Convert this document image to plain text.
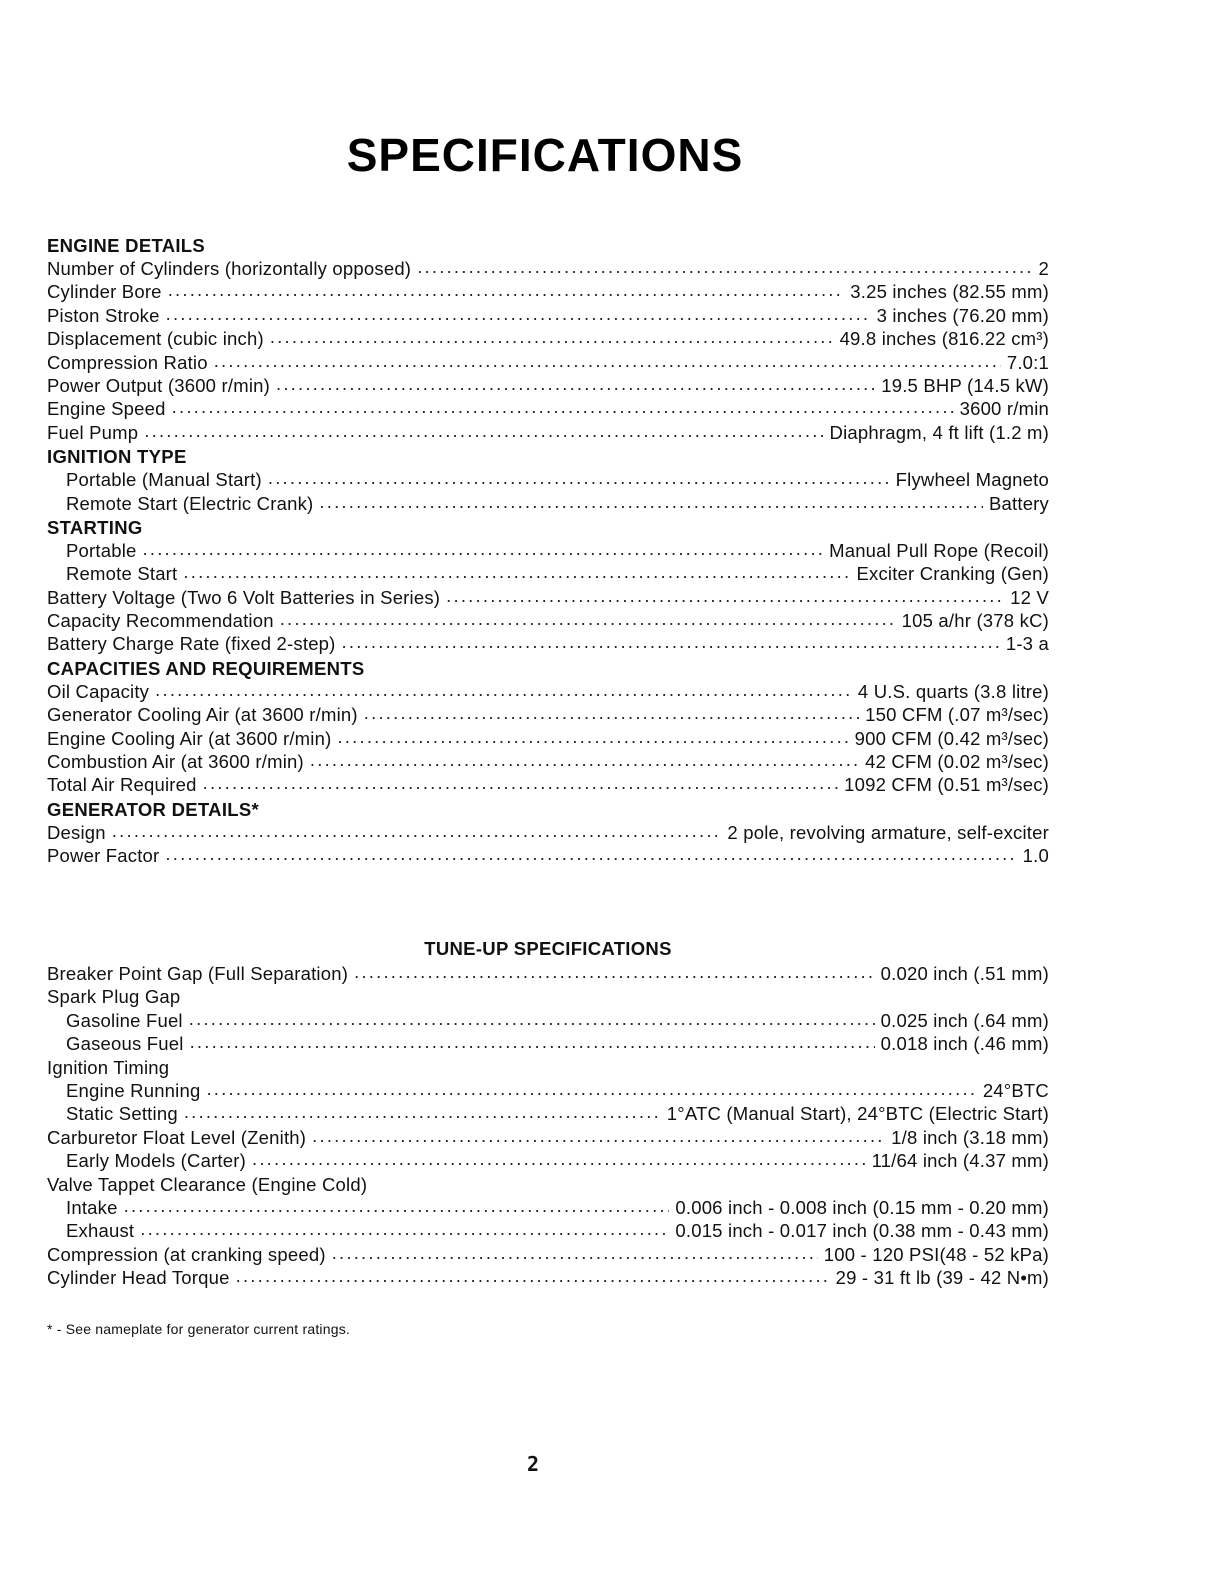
SPECIFICATIONS
ENGINE DETAILS
Number of Cylinders (horizontally opposed) .....	2
Cylinder Bore .....	3.25 inches (82.55 mm)
Piston Stroke .....	3 inches (76.20 mm)
Displacement (cubic inch) .....	49.8 inches (816.22 cm³)
Compression Ratio .....	7.0:1
Power Output (3600 r/min) .....	19.5 BHP (14.5 kW)
Engine Speed .....	3600 r/min
Fuel Pump .....	Diaphragm, 4 ft lift (1.2 m)
IGNITION TYPE
Portable (Manual Start) .....	Flywheel Magneto
Remote Start (Electric Crank) .....	Battery
STARTING
Portable .....	Manual Pull Rope (Recoil)
Remote Start .....	Exciter Cranking (Gen)
Battery Voltage (Two 6 Volt Batteries in Series) .....	12 V
Capacity Recommendation .....	105 a/hr (378 kC)
Battery Charge Rate (fixed 2-step) .....	1-3 a
CAPACITIES AND REQUIREMENTS
Oil Capacity .....	4 U.S. quarts (3.8 litre)
Generator Cooling Air (at 3600 r/min) .....	150 CFM (.07 m³/sec)
Engine Cooling Air (at 3600 r/min) .....	900 CFM (0.42 m³/sec)
Combustion Air (at 3600 r/min) .....	42 CFM (0.02 m³/sec)
Total Air Required .....	1092 CFM (0.51 m³/sec)
GENERATOR DETAILS*
Design .....	2 pole, revolving armature, self-exciter
Power Factor .....	1.0
TUNE-UP SPECIFICATIONS
Breaker Point Gap (Full Separation) .....	0.020 inch (.51 mm)
Spark Plug Gap
Gasoline Fuel .....	0.025 inch (.64 mm)
Gaseous Fuel .....	0.018 inch (.46 mm)
Ignition Timing
Engine Running .....	24°BTC
Static Setting .....	1°ATC (Manual Start), 24°BTC (Electric Start)
Carburetor Float Level (Zenith) .....	1/8 inch (3.18 mm)
Early Models (Carter) .....	11/64 inch (4.37 mm)
Valve Tappet Clearance (Engine Cold)
Intake .....	0.006 inch - 0.008 inch (0.15 mm - 0.20 mm)
Exhaust .....	0.015 inch - 0.017 inch (0.38 mm - 0.43 mm)
Compression (at cranking speed) .....	100 - 120 PSI(48 - 52 kPa)
Cylinder Head Torque .....	29 - 31 ft lb (39 - 42 N•m)
* - See nameplate for generator current ratings.
2
